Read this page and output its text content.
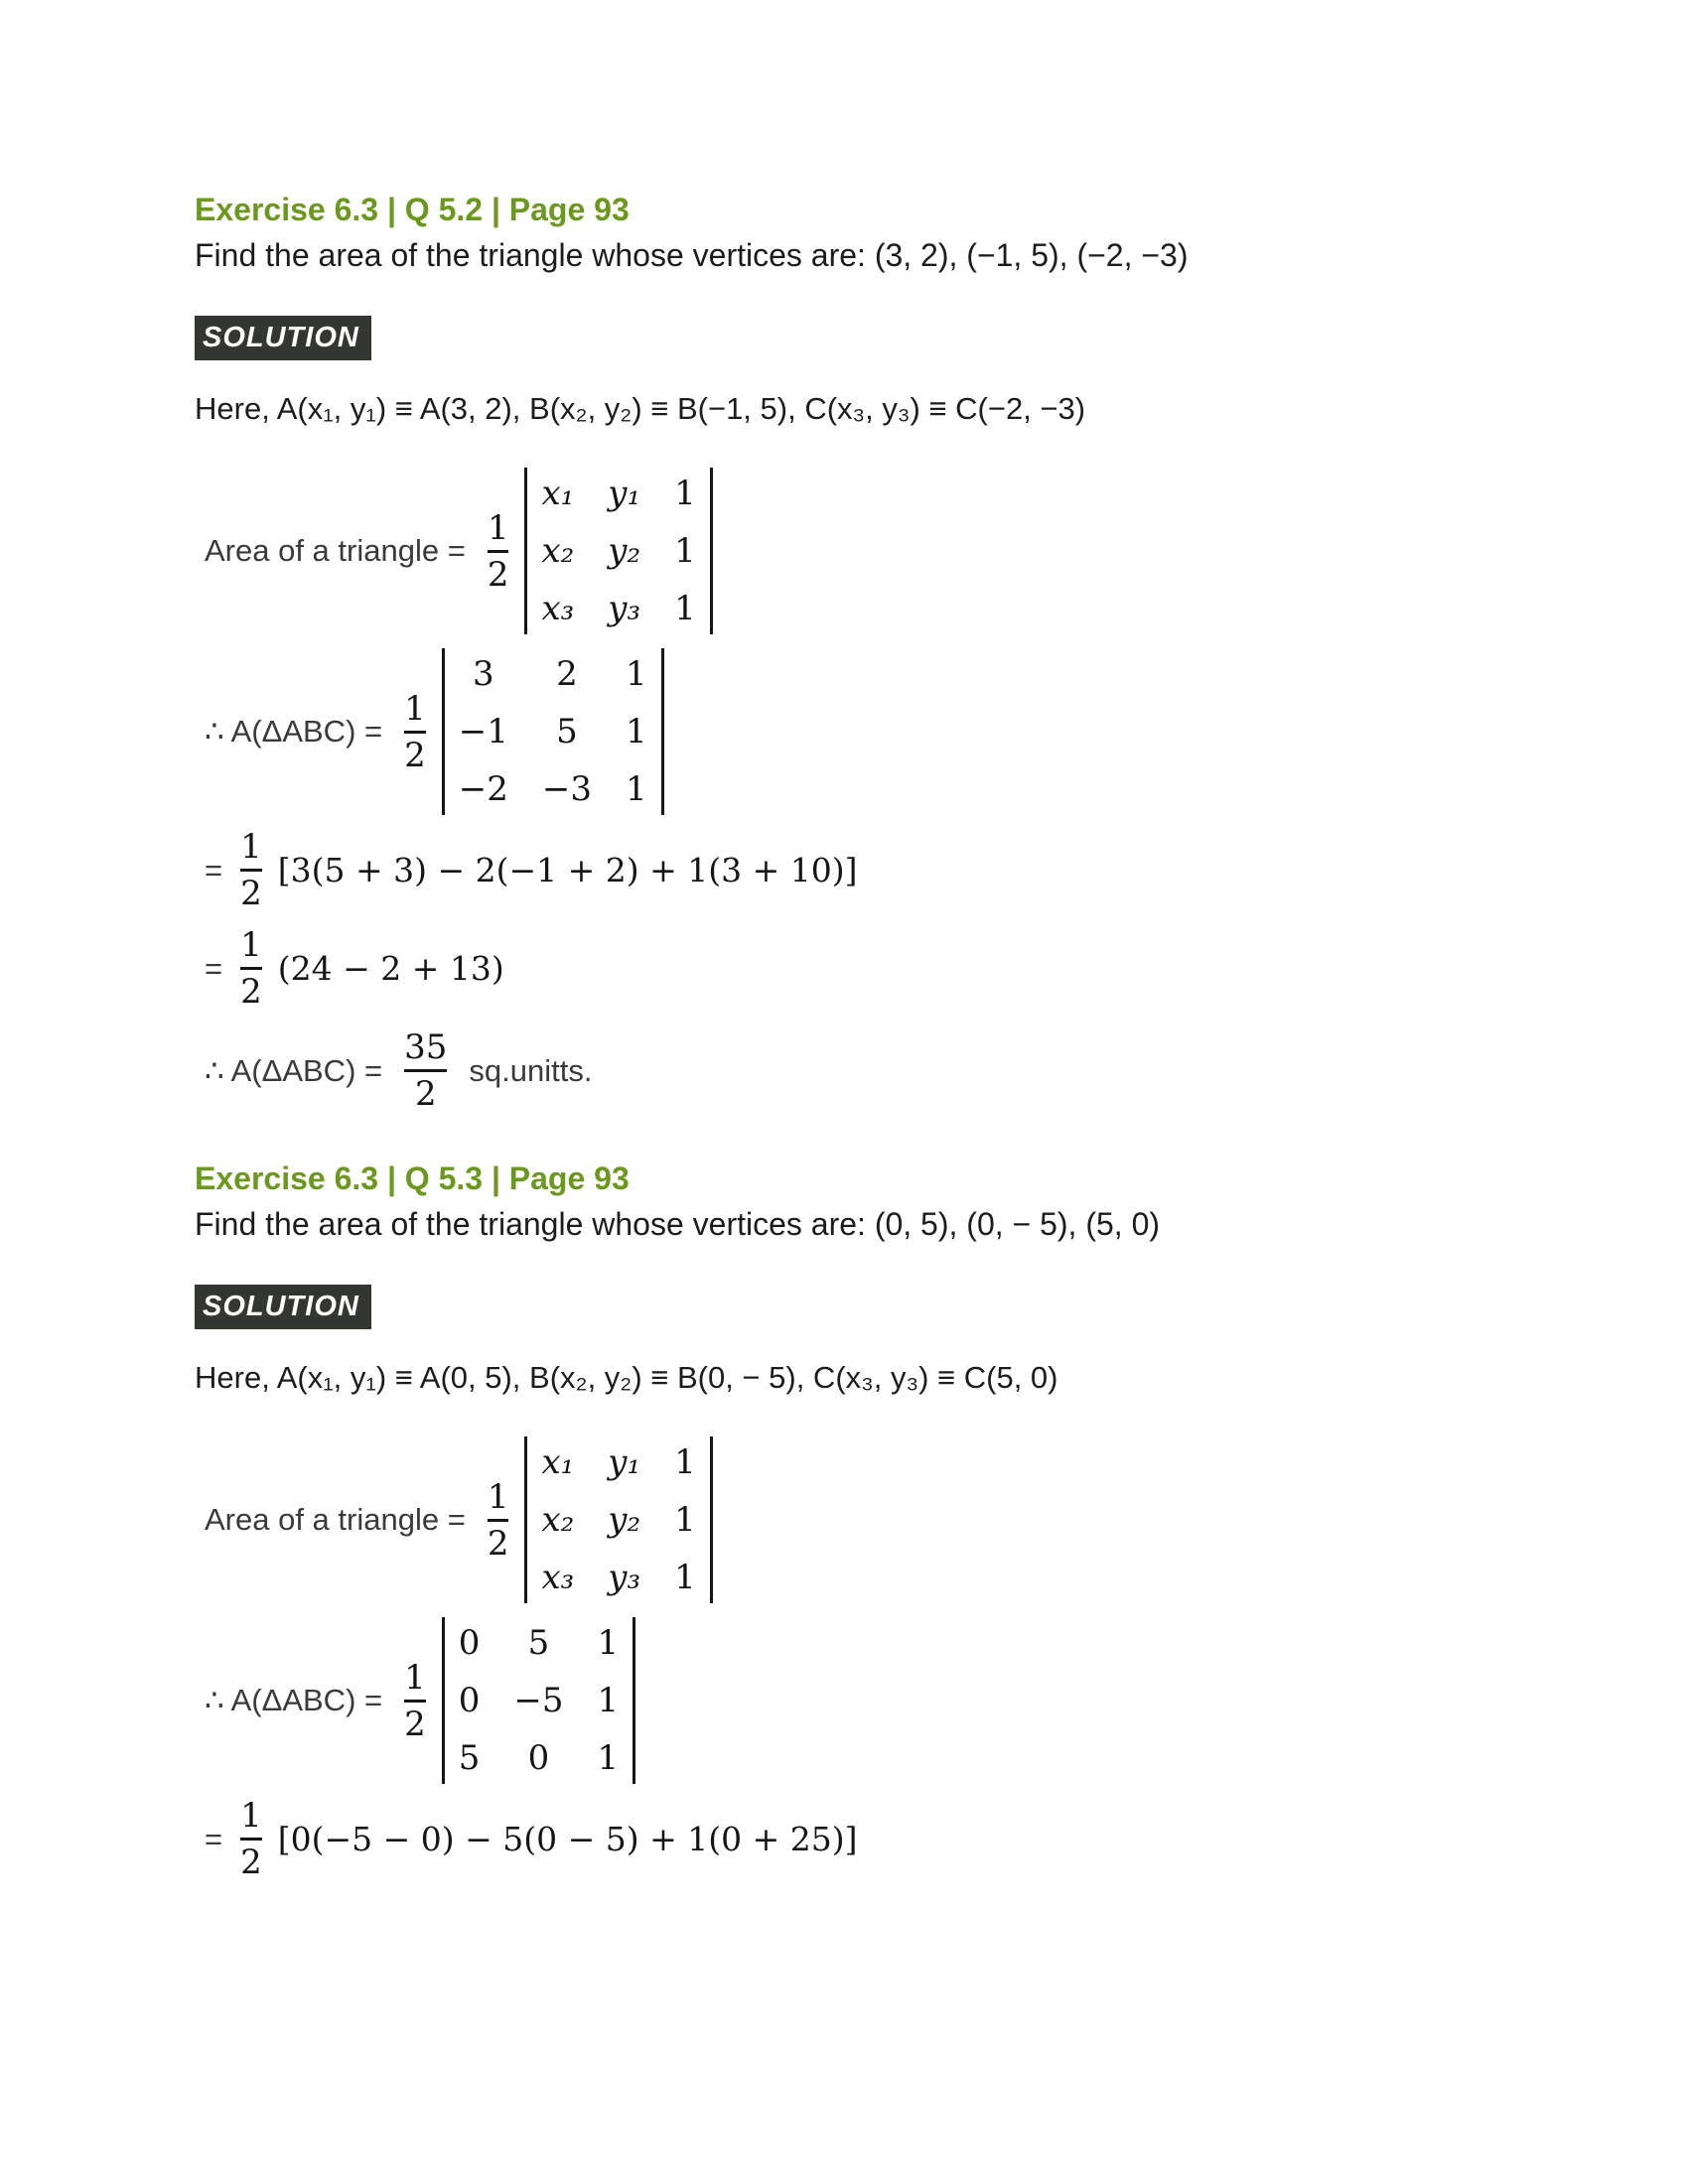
Exercise 6.3 | Q 5.2 | Page 93

Find the area of the triangle whose vertices are: (3, 2), (−1, 5), (−2, −3)

SOLUTION

Here, A(x₁, y₁) ≡ A(3, 2), B(x₂, y₂) ≡ B(−1, 5), C(x₃, y₃) ≡ C(−2, −3)

Area of a triangle = $\frac{1}{2}$
x₁ y₁ 1
x₂ y₂ 1
x₃ y₃ 1
∴ $A(\Delta ABC) = \frac{1}{2}$
3	2	1
−1	5	1
−2 −3 1
= $\frac{1}{2} [3(5 + 3) - 2(-1 + 2) + 1(3 + 10)]$
= $\frac{1}{2} (24 - 2 + 13)$
∴ $A(\Delta ABC) = \frac{35}{2}$ sq.unitts.
Exercise 6.3 | Q 5.3 | Page 93

Find the area of the triangle whose vertices are: (0, 5), (0, − 5), (5, 0)

SOLUTION

Here, A(x₁, y₁) ≡ A(0, 5), B(x₂, y₂) ≡ B(0, − 5), C(x₃, y₃) ≡ C(5, 0)

Area of a triangle = $\frac{1}{2}$
x₁ y₁ 1
x₂ y₂ 1
x₃ y₃ 1
∴ $A(\Delta ABC) = \frac{1}{2}$
0	5	1
0 −5 1
5	0	1
= $\frac{1}{2} [0(-5 - 0) - 5(0 - 5) + 1(0 + 25)]$
